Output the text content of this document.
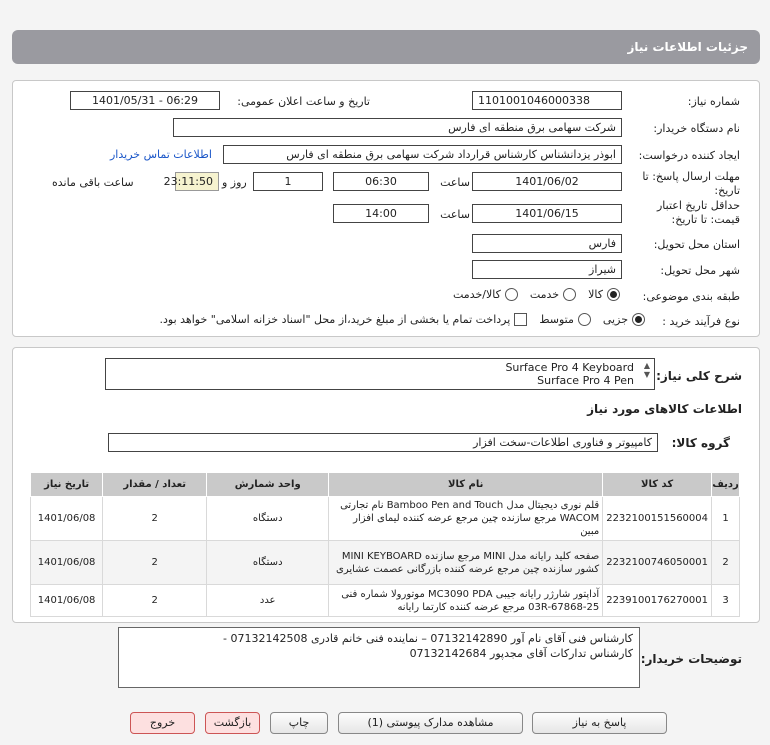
جزئیات اطلاعات نیاز
شماره نیاز:
1101001046000338
تاریخ و ساعت اعلان عمومی:
1401/05/31 - 06:29
نام دستگاه خریدار:
شرکت سهامی برق منطقه ای فارس
ایجاد کننده درخواست:
ابوذر یزدانشناس کارشناس قرارداد شرکت سهامی برق منطقه ای فارس
اطلاعات تماس خریدار
مهلت ارسال پاسخ: تا
تاریخ:
1401/06/02
ساعت
06:30
1
روز و
23:11:50
ساعت باقی مانده
حداقل تاریخ اعتبار
قیمت: تا تاریخ:
1401/06/15
ساعت
14:00
استان محل تحویل:
فارس
شهر محل تحویل:
شیراز
طبقه بندی موضوعی:
کالا
خدمت
کالا/خدمت
نوع فرآیند خرید :
جزیی
متوسط
پرداخت تمام یا بخشی از مبلغ خرید،از محل "اسناد خزانه اسلامی" خواهد بود.
شرح کلی نیاز:
Surface Pro 4 Keyboard
Surface Pro 4 Pen
▲
▼
اطلاعات کالاهای مورد نیاز
گروه کالا:
کامپیوتر و فناوری اطلاعات-سخت افزار
ردیف	کد کالا	نام کالا	واحد شمارش	تعداد / مقدار	تاریخ نیاز
1	2232100151560004	قلم نوری دیجیتال مدل Bamboo Pen and Touch نام تجارتی WACOM مرجع سازنده چین مرجع عرضه کننده لیمای افزار مبین	دستگاه	2	1401/06/08
2	2232100746050001	صفحه کلید رایانه مدل MINI مرجع سازنده MINI KEYBOARD کشور سازنده چین مرجع عرضه کننده بازرگانی عصمت عشایری	دستگاه	2	1401/06/08
3	2239100176270001	آداپتور شارژر رایانه جیبی MC3090 PDA موتورولا شماره فنی 03R-67868-25 مرجع عرضه کننده کارتما رایانه	عدد	2	1401/06/08
توضیحات خریدار:
کارشناس فنی آقای نام آور 07132142890 – نماینده فنی خانم قادری 07132142508 -
کارشناس تدارکات آقای مجدپور 07132142684
پاسخ به نیاز
مشاهده مدارک پیوستی (1)
چاپ
بازگشت
خروج
